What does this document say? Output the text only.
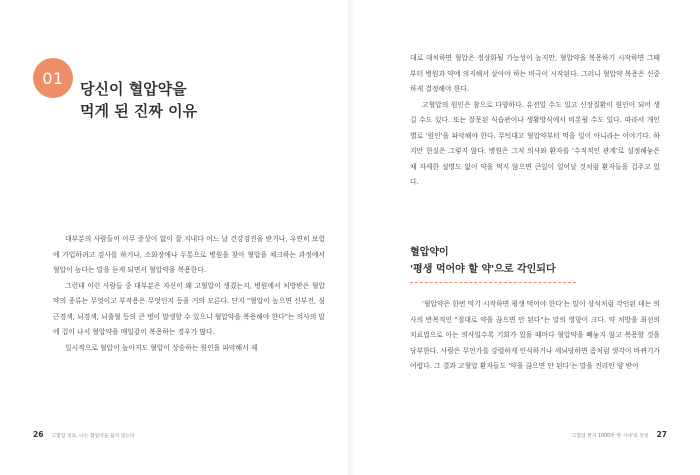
01
당신이 혈압약을
먹게 된 진짜 이유

대부분의 사람들이 아무 증상이 없이 잘 지내다 어느 날 건강검진을 받거나, 우연히 보험에 가입하려고 검사를 하거나, 소화장애나 두통으로 병원을 찾아 혈압을 체크하는 과정에서 혈압이 높다는 말을 듣게 되면서 혈압약을 복용한다.

그런데 이런 사람들 중 대부분은 자신이 왜 고혈압이 생겼는지, 병원에서 처방받은 혈압약의 종류는 무엇이고 부작용은 무엇인지 등을 거의 모른다. 단지 "혈압이 높으면 신부전, 심근경색, 뇌경색, 뇌출혈 등의 큰 병이 발생할 수 있으니 혈압약을 복용해야 한다"는 의사의 말에 겁이 나서 혈압약을 매일같이 복용하는 경우가 많다.

일시적으로 혈압이 높아지도 혈압이 상승하는 원인을 파악해서 제

대로 대처하면 혈압은 정상화될 가능성이 높지만, 혈압약을 복용하기 시작하면 그때부터 병원과 약에 의지해서 살아야 하는 비극이 시작된다. 그러니 혈압약 복용은 신중하게 결정해야 한다.

고혈압의 원인은 참으로 다양하다. 유전일 수도 있고 신장질환이 원인이 되어 생길 수도 있다. 또는 잘못된 식습관이나 생활방식에서 비롯될 수도 있다. 따라서 개인별로 '원인'을 파악해야 한다. 무턱대고 혈압약부터 먹을 일이 아니라는 이야기다. 하지만 현실은 그렇지 않다. 병원은 그저 의사와 환자를 '수직적인 관계'로 설정해놓은 채 자세한 설명도 없이 약을 먹지 않으면 큰일이 일어날 것처럼 환자들을 겁주고 있다.

혈압약이
'평생 먹어야 할 약'으로 각인되다

'혈압약은 한번 먹기 시작하면 평생 먹어야 한다'는 말이 상식처럼 각인된 데는 의사의 반복적인 "절대로 약을 끊으면 안 된다"는 말의 영향이 크다. 약 처방을 최선의 치료법으로 아는 의사일수록 기회가 있을 때마다 혈압약을 빼놓지 않고 복용할 것을 당부한다. 사람은 무언가를 강렬하게 인식하거나 세뇌당하면 좀처럼 생각이 바뀌기가 어렵다. 그 결과 고혈압 환자들도 '약을 끊으면 안 된다'는 말을 진리인 양 받아

26 고혈압 치료, 나는 혈압약을 끊지 않는다	'고혈압 환자 1000만 명 시대'의 진실 27
